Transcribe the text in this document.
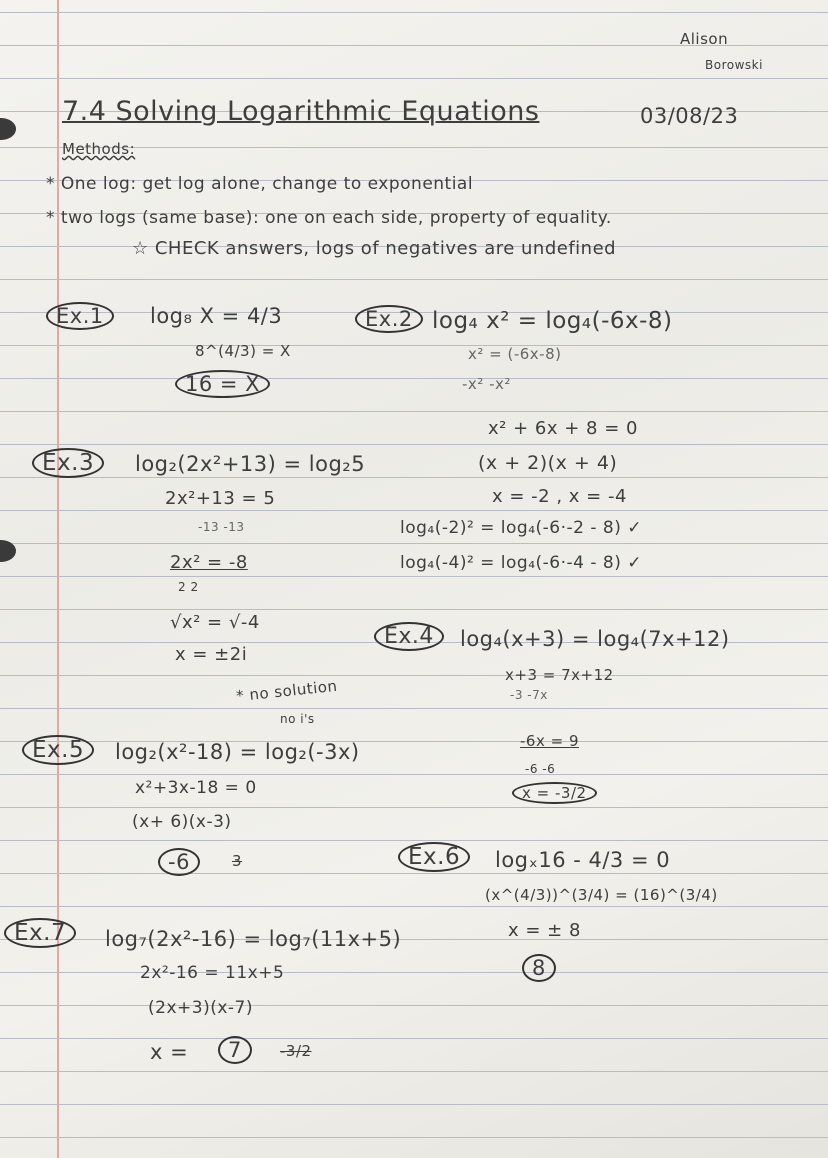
Alison
Borowski
7.4 Solving Logarithmic Equations	03/08/23
Methods:
* One log: get log alone, change to exponential
* two logs (same base): one on each side, property of equality.
☆ CHECK answers, logs of negatives are undefined
Ex.1	log₈ X = 4/3
8^(4/3) = X
16 = X
Ex.2 log₄ x² = log₄(-6x-8)
x² = (-6x-8)
-x² -x²
x² + 6x + 8 = 0
(x + 2)(x + 4)
x = -2 , x = -4
log₄(-2)² = log₄(-6·-2 - 8) ✓
log₄(-4)² = log₄(-6·-4 - 8) ✓
Ex.3	log₂(2x²+13) = log₂5
2x²+13 = 5
-13 -13
2x² = -8
2 2
√x² = √-4
x = ±2i
* no solution
no i's
Ex.4	log₄(x+3) = log₄(7x+12)
x+3 = 7x+12
-3 -7x
-6x = 9
-6 -6
x = -3/2
Ex.5	log₂(x²-18) = log₂(-3x)
x²+3x-18 = 0
(x+ 6)(x-3)
-6	3	Ex.6	logₓ16 - 4/3 = 0
(x^(4/3))^(3/4) = (16)^(3/4)
x = ± 8
8
Ex.7	log₇(2x²-16) = log₇(11x+5)
2x²-16 = 11x+5
(2x+3)(x-7)
x =	7	-3/2
